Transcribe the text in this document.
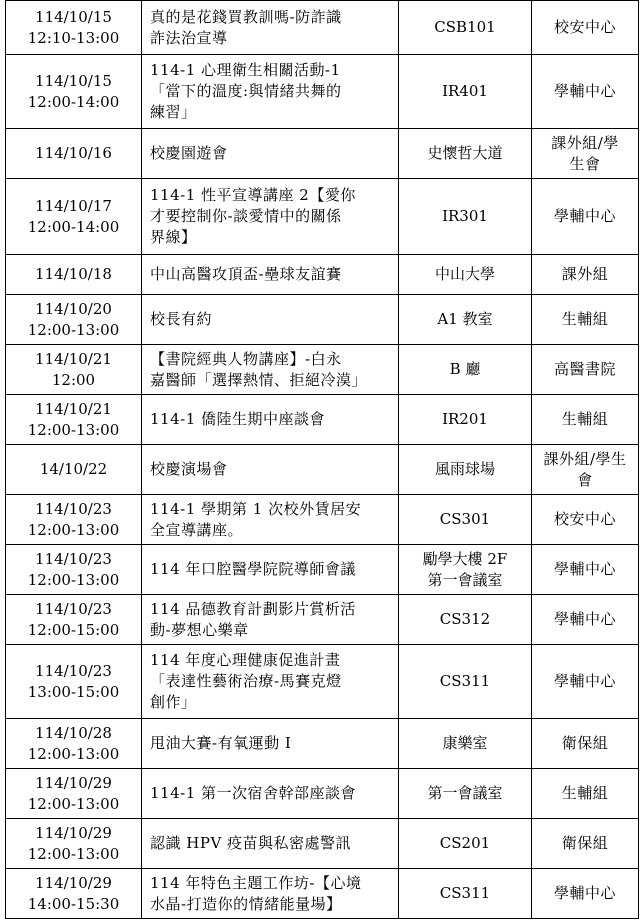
114/10/15
12:10-13:00	真的是花錢買教訓嗎-防詐識
詐法治宣導	CSB101	校安中心

114/10/15
12:00-14:00	114-1 心理衛生相關活動-1
「當下的溫度:與情緒共舞的
練習」	IR401	學輔中心

114/10/16	校慶園遊會	史懷哲大道	課外組/學
生會

114/10/17
12:00-14:00	114-1 性平宣導講座 2【愛你
才要控制你-談愛情中的關係
界線】	IR301	學輔中心

114/10/18	中山高醫攻頂盃-壘球友誼賽	中山大學	課外組

114/10/20
12:00-13:00	校長有約	A1 教室	生輔組

114/10/21
12:00	【書院經典人物講座】-白永
嘉醫師「選擇熱情、拒絕冷漠」	B 廳	高醫書院

114/10/21
12:00-13:00	114-1 僑陸生期中座談會	IR201	生輔組

14/10/22	校慶演場會	風雨球場	課外組/學生
會

114/10/23
12:00-13:00	114-1 學期第 1 次校外賃居安
全宣導講座。	CS301	校安中心

114/10/23
12:00-13:00	114 年口腔醫學院院導師會議	勵學大樓 2F
第一會議室	學輔中心

114/10/23
12:00-15:00	114 品德教育計劃影片賞析活
動-夢想心樂章	CS312	學輔中心

114/10/23
13:00-15:00	114 年度心理健康促進計畫
「表達性藝術治療-馬賽克燈
創作」	CS311	學輔中心

114/10/28
12:00-13:00	甩油大賽-有氧運動 I	康樂室	衛保組

114/10/29
12:00-13:00	114-1 第一次宿舍幹部座談會	第一會議室	生輔組

114/10/29
12:00-13:00	認識 HPV 疫苗與私密處警訊	CS201	衛保組

114/10/29
14:00-15:30	114 年特色主題工作坊-【心境
水晶-打造你的情緒能量場】	CS311	學輔中心
